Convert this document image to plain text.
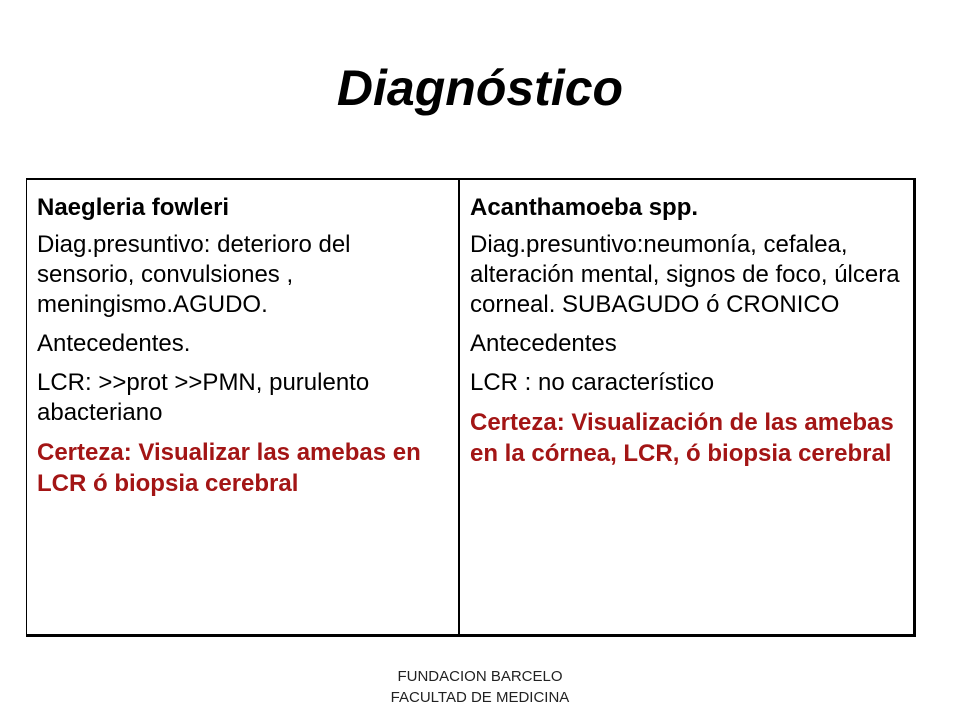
Diagnóstico

Naegleria fowleri

Diag.presuntivo: deterioro del sensorio, convulsiones , meningismo.AGUDO.

Antecedentes.

LCR: >>prot >>PMN, purulento abacteriano

Certeza: Visualizar las amebas en LCR ó biopsia cerebral

Acanthamoeba spp.

Diag.presuntivo:neumonía, cefalea, alteración mental, signos de foco, úlcera corneal. SUBAGUDO ó CRONICO

Antecedentes

LCR : no característico

Certeza: Visualización de las amebas en la córnea, LCR, ó biopsia cerebral

FUNDACION BARCELO
FACULTAD DE MEDICINA
